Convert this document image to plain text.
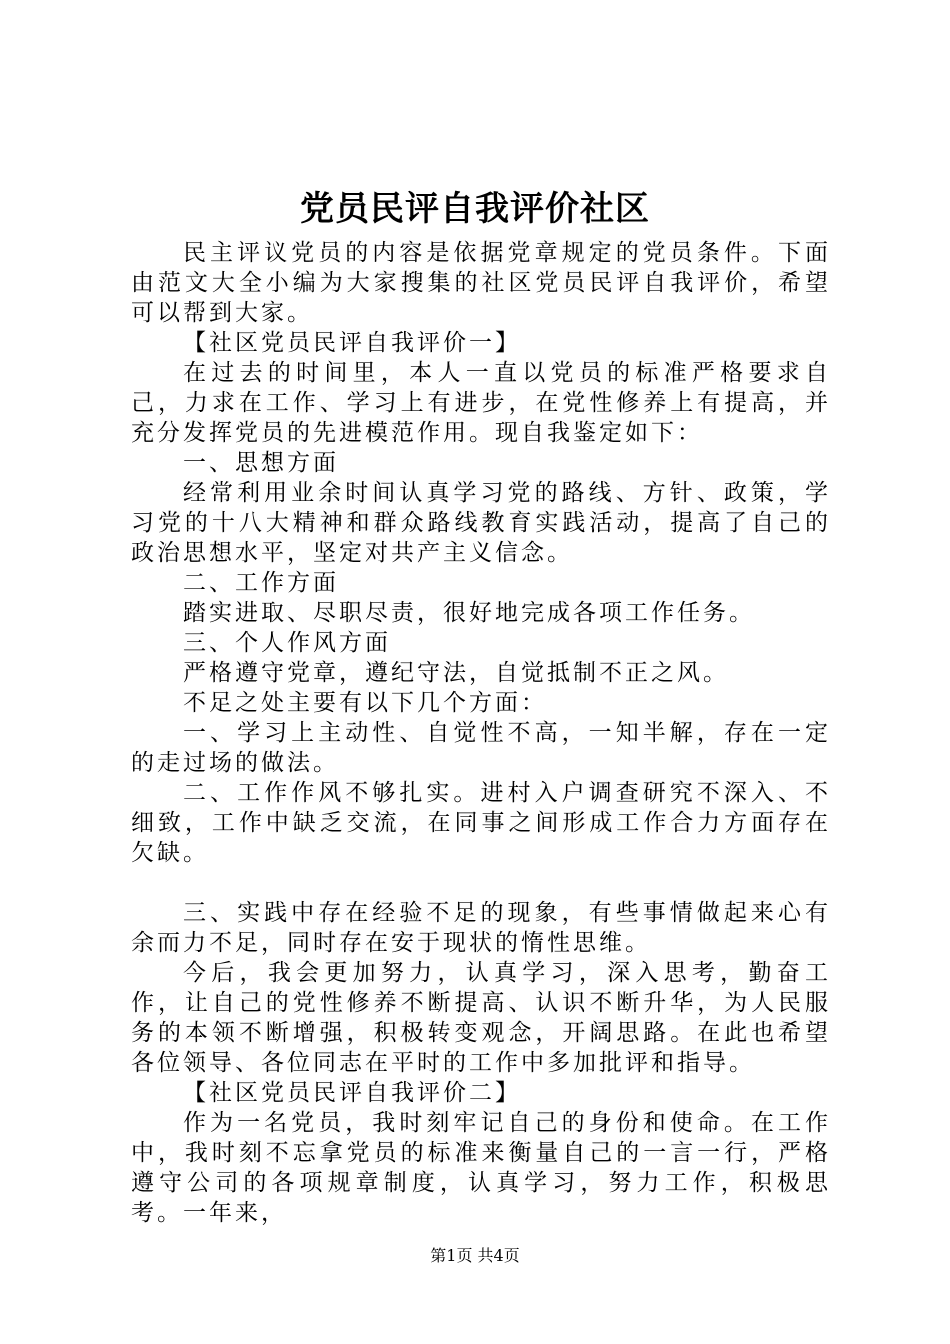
党员民评自我评价社区

民主评议党员的内容是依据党章规定的党员条件。下面由范文大全小编为大家搜集的社区党员民评自我评价，希望可以帮到大家。

【社区党员民评自我评价一】

在过去的时间里，本人一直以党员的标准严格要求自己，力求在工作、学习上有进步，在党性修养上有提高，并充分发挥党员的先进模范作用。现自我鉴定如下：

一、思想方面

经常利用业余时间认真学习党的路线、方针、政策，学习党的十八大精神和群众路线教育实践活动，提高了自己的政治思想水平，坚定对共产主义信念。

二、工作方面

踏实进取、尽职尽责，很好地完成各项工作任务。

三、个人作风方面

严格遵守党章，遵纪守法，自觉抵制不正之风。

不足之处主要有以下几个方面：

一、学习上主动性、自觉性不高，一知半解，存在一定的走过场的做法。

二、工作作风不够扎实。进村入户调查研究不深入、不细致，工作中缺乏交流，在同事之间形成工作合力方面存在欠缺。

三、实践中存在经验不足的现象，有些事情做起来心有余而力不足，同时存在安于现状的惰性思维。

今后，我会更加努力，认真学习，深入思考，勤奋工作，让自己的党性修养不断提高、认识不断升华，为人民服务的本领不断增强，积极转变观念，开阔思路。在此也希望各位领导、各位同志在平时的工作中多加批评和指导。

【社区党员民评自我评价二】

作为一名党员，我时刻牢记自己的身份和使命。在工作中，我时刻不忘拿党员的标准来衡量自己的一言一行，严格遵守公司的各项规章制度，认真学习，努力工作，积极思考。一年来，

第1页 共4页
